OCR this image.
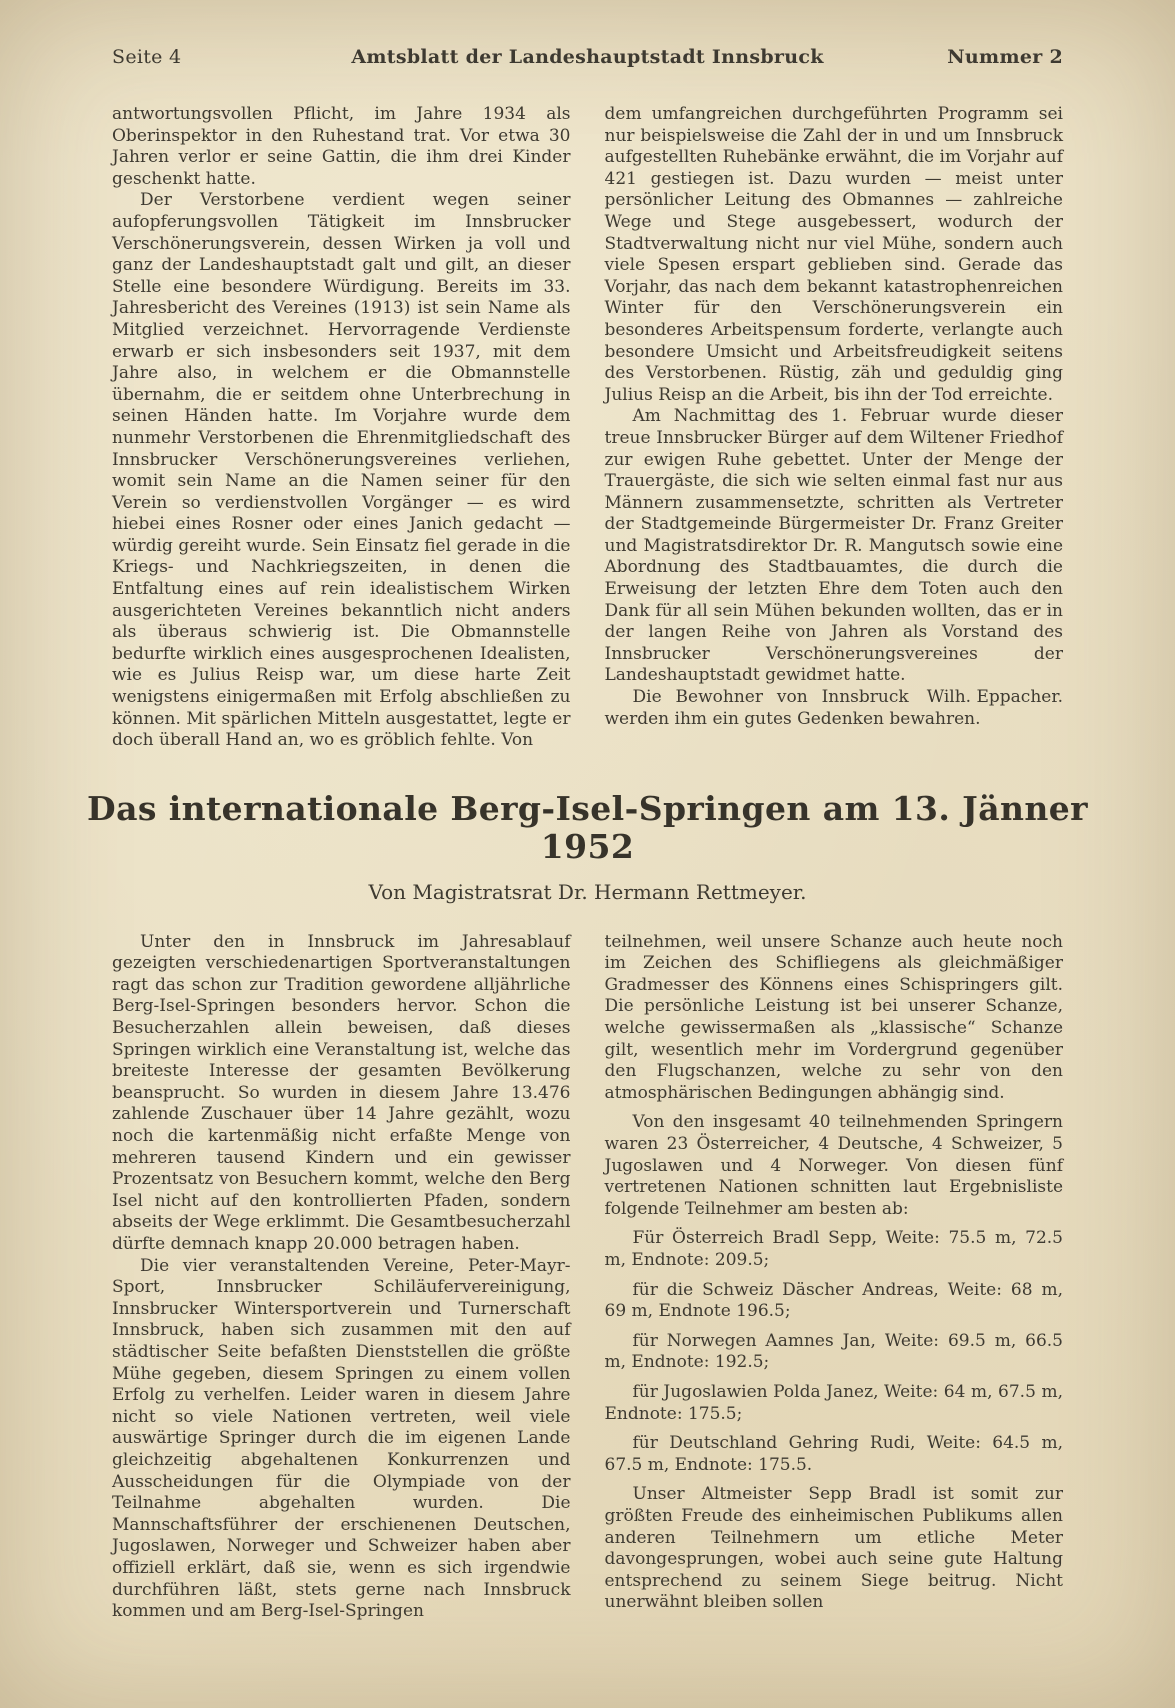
Seite 4	Amtsblatt der Landeshauptstadt Innsbruck	Nummer 2

antwortungsvollen Pflicht, im Jahre 1934 als Oberinspektor in den Ruhestand trat. Vor etwa 30 Jahren verlor er seine Gattin, die ihm drei Kinder geschenkt hatte.

Der Verstorbene verdient wegen seiner aufopferungsvollen Tätigkeit im Innsbrucker Verschönerungsverein, dessen Wirken ja voll und ganz der Landeshauptstadt galt und gilt, an dieser Stelle eine besondere Würdigung. Bereits im 33. Jahresbericht des Vereines (1913) ist sein Name als Mitglied verzeichnet. Hervorragende Verdienste erwarb er sich insbesonders seit 1937, mit dem Jahre also, in welchem er die Obmannstelle übernahm, die er seitdem ohne Unterbrechung in seinen Händen hatte. Im Vorjahre wurde dem nunmehr Verstorbenen die Ehrenmitgliedschaft des Innsbrucker Verschönerungsvereines verliehen, womit sein Name an die Namen seiner für den Verein so verdienstvollen Vorgänger — es wird hiebei eines Rosner oder eines Janich gedacht — würdig gereiht wurde. Sein Einsatz fiel gerade in die Kriegs- und Nachkriegszeiten, in denen die Entfaltung eines auf rein idealistischem Wirken ausgerichteten Vereines bekanntlich nicht anders als überaus schwierig ist. Die Obmannstelle bedurfte wirklich eines ausgesprochenen Idealisten, wie es Julius Reisp war, um diese harte Zeit wenigstens einigermaßen mit Erfolg abschließen zu können. Mit spärlichen Mitteln ausgestattet, legte er doch überall Hand an, wo es gröblich fehlte. Von

dem umfangreichen durchgeführten Programm sei nur beispielsweise die Zahl der in und um Innsbruck aufgestellten Ruhebänke erwähnt, die im Vorjahr auf 421 gestiegen ist. Dazu wurden — meist unter persönlicher Leitung des Obmannes — zahlreiche Wege und Stege ausgebessert, wodurch der Stadtverwaltung nicht nur viel Mühe, sondern auch viele Spesen erspart geblieben sind. Gerade das Vorjahr, das nach dem bekannt katastrophenreichen Winter für den Verschönerungsverein ein besonderes Arbeitspensum forderte, verlangte auch besondere Umsicht und Arbeitsfreudigkeit seitens des Verstorbenen. Rüstig, zäh und geduldig ging Julius Reisp an die Arbeit, bis ihn der Tod erreichte.

Am Nachmittag des 1. Februar wurde dieser treue Innsbrucker Bürger auf dem Wiltener Friedhof zur ewigen Ruhe gebettet. Unter der Menge der Trauergäste, die sich wie selten einmal fast nur aus Männern zusammensetzte, schritten als Vertreter der Stadtgemeinde Bürgermeister Dr. Franz Greiter und Magistratsdirektor Dr. R. Mangutsch sowie eine Abordnung des Stadtbauamtes, die durch die Erweisung der letzten Ehre dem Toten auch den Dank für all sein Mühen bekunden wollten, das er in der langen Reihe von Jahren als Vorstand des Innsbrucker Verschönerungsvereines der Landeshauptstadt gewidmet hatte.

Wilh. Eppacher.
Die Bewohner von Innsbruck werden ihm ein gutes Gedenken bewahren.

Das internationale Berg-Isel-Springen am 13. Jänner 1952
Von Magistratsrat Dr. Hermann Rettmeyer.

Unter den in Innsbruck im Jahresablauf gezeigten verschiedenartigen Sportveranstaltungen ragt das schon zur Tradition gewordene alljährliche Berg-Isel-Springen besonders hervor. Schon die Besucherzahlen allein beweisen, daß dieses Springen wirklich eine Veranstaltung ist, welche das breiteste Interesse der gesamten Bevölkerung beansprucht. So wurden in diesem Jahre 13.476 zahlende Zuschauer über 14 Jahre gezählt, wozu noch die kartenmäßig nicht erfaßte Menge von mehreren tausend Kindern und ein gewisser Prozentsatz von Besuchern kommt, welche den Berg Isel nicht auf den kontrollierten Pfaden, sondern abseits der Wege erklimmt. Die Gesamtbesucherzahl dürfte demnach knapp 20.000 betragen haben.

Die vier veranstaltenden Vereine, Peter-Mayr-Sport, Innsbrucker Schiläufervereinigung, Innsbrucker Wintersportverein und Turnerschaft Innsbruck, haben sich zusammen mit den auf städtischer Seite befaßten Dienststellen die größte Mühe gegeben, diesem Springen zu einem vollen Erfolg zu verhelfen. Leider waren in diesem Jahre nicht so viele Nationen vertreten, weil viele auswärtige Springer durch die im eigenen Lande gleichzeitig abgehaltenen Konkurrenzen und Ausscheidungen für die Olympiade von der Teilnahme abgehalten wurden. Die Mannschaftsführer der erschienenen Deutschen, Jugoslawen, Norweger und Schweizer haben aber offiziell erklärt, daß sie, wenn es sich irgendwie durchführen läßt, stets gerne nach Innsbruck kommen und am Berg-Isel-Springen

teilnehmen, weil unsere Schanze auch heute noch im Zeichen des Schifliegens als gleichmäßiger Gradmesser des Könnens eines Schispringers gilt. Die persönliche Leistung ist bei unserer Schanze, welche gewissermaßen als „klassische“ Schanze gilt, wesentlich mehr im Vordergrund gegenüber den Flugschanzen, welche zu sehr von den atmosphärischen Bedingungen abhängig sind.

Von den insgesamt 40 teilnehmenden Springern waren 23 Österreicher, 4 Deutsche, 4 Schweizer, 5 Jugoslawen und 4 Norweger. Von diesen fünf vertretenen Nationen schnitten laut Ergebnisliste folgende Teilnehmer am besten ab:

Für Österreich Bradl Sepp, Weite: 75.5 m, 72.5 m, Endnote: 209.5;

für die Schweiz Däscher Andreas, Weite: 68 m, 69 m, Endnote 196.5;

für Norwegen Aamnes Jan, Weite: 69.5 m, 66.5 m, Endnote: 192.5;

für Jugoslawien Polda Janez, Weite: 64 m, 67.5 m, Endnote: 175.5;

für Deutschland Gehring Rudi, Weite: 64.5 m, 67.5 m, Endnote: 175.5.

Unser Altmeister Sepp Bradl ist somit zur größten Freude des einheimischen Publikums allen anderen Teilnehmern um etliche Meter davongesprungen, wobei auch seine gute Haltung entsprechend zu seinem Siege beitrug. Nicht unerwähnt bleiben sollen
